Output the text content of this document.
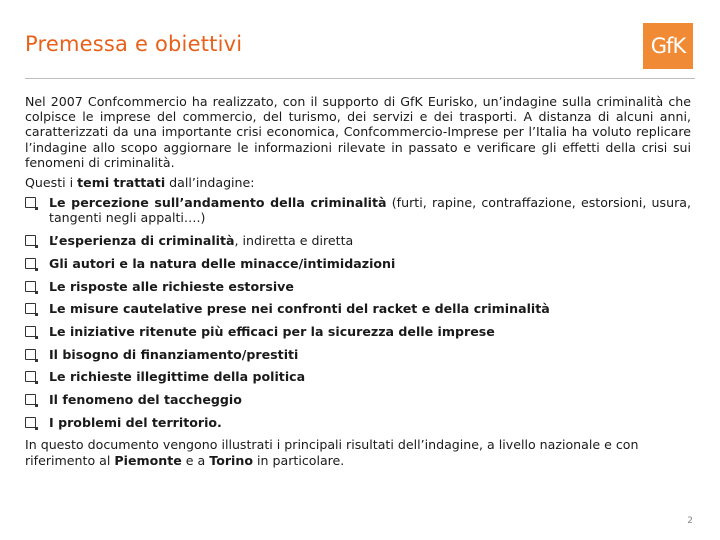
Premessa e obiettivi	GfK

Nel 2007 Confcommercio ha realizzato, con il supporto di GfK Eurisko, un’indagine sulla criminalità che colpisce le imprese del commercio, del turismo, dei servizi e dei trasporti. A distanza di alcuni anni, caratterizzati da una importante crisi economica, Confcommercio-Imprese per l’Italia ha voluto replicare l’indagine allo scopo aggiornare le informazioni rilevate in passato e verificare gli effetti della crisi sui fenomeni di criminalità.

Questi i temi trattati dall’indagine:

Le percezione sull’andamento della criminalità (furti, rapine, contraffazione, estorsioni, usura, tangenti negli appalti….)
L’esperienza di criminalità, indiretta e diretta
Gli autori e la natura delle minacce/intimidazioni
Le risposte alle richieste estorsive
Le misure cautelative prese nei confronti del racket e della criminalità
Le iniziative ritenute più efficaci per la sicurezza delle imprese
Il bisogno di finanziamento/prestiti
Le richieste illegittime della politica
Il fenomeno del taccheggio
I problemi del territorio.

In questo documento vengono illustrati i principali risultati dell’indagine, a livello nazionale e con riferimento al Piemonte e a Torino in particolare.

2
